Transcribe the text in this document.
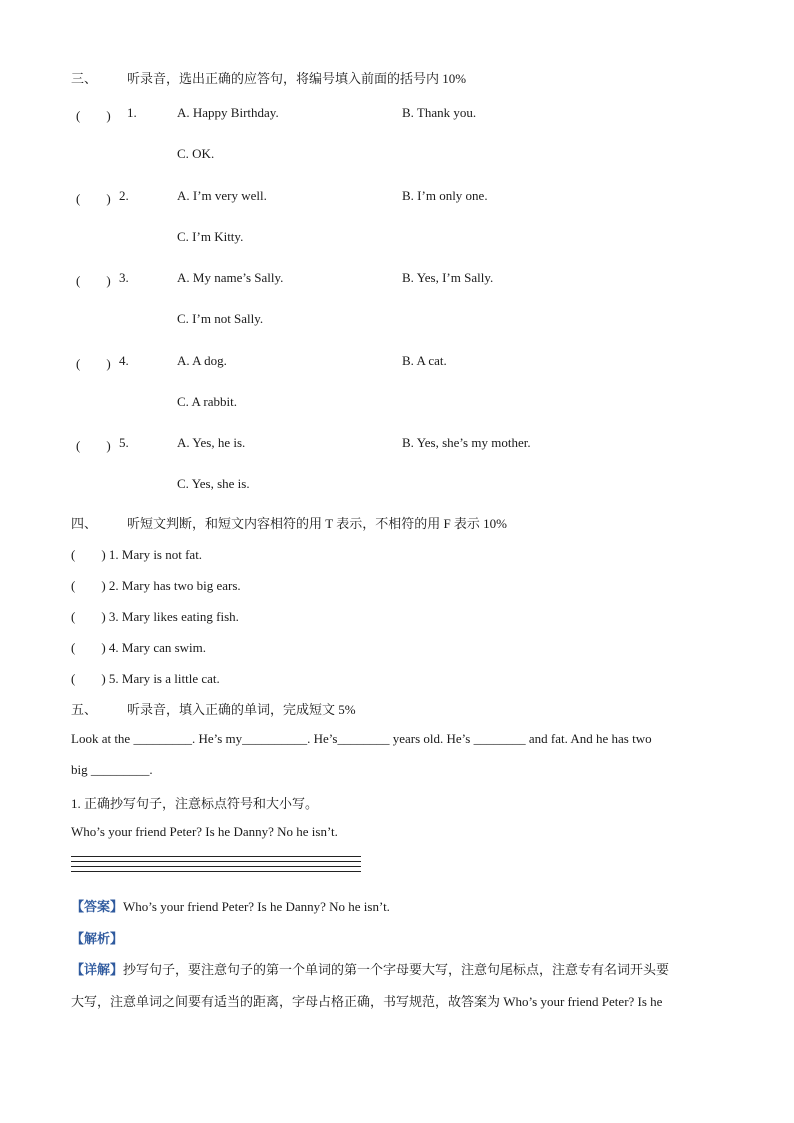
三、 听录音，选出正确的应答句，将编号填入前面的括号内 10%
(　　) 1.	A. Happy Birthday.	B. Thank you.
C. OK.
(　　) 2.	A. I’m very well.	B. I’m only one.
C. I’m Kitty.
(　　) 3.	A. My name’s Sally.	B. Yes, I’m Sally.
C. I’m not Sally.
(　　) 4.	A. A dog.	B. A cat.
C. A rabbit.
(　　) 5.	A. Yes, he is.	B. Yes, she’s my mother.
C. Yes, she is.
四、 听短文判断，和短文内容相符的用 T 表示，不相符的用 F 表示 10%
(　　) 1. Mary is not fat.
(　　) 2. Mary has two big ears.
(　　) 3. Mary likes eating fish.
(　　) 4. Mary can swim.
(　　) 5. Mary is a little cat.
五、 听录音，填入正确的单词，完成短文 5%
Look at the _________. He’s my__________. He’s________ years old. He’s ________ and fat. And he has two
big _________.
1. 正确抄写句子，注意标点符号和大小写。
Who’s your friend Peter? Is he Danny? No he isn’t.
【答案】Who’s your friend Peter? Is he Danny? No he isn’t.
【解析】
【详解】抄写句子，要注意句子的第一个单词的第一个字母要大写，注意句尾标点，注意专有名词开头要
大写，注意单词之间要有适当的距离，字母占格正确，书写规范，故答案为 Who’s your friend Peter? Is he
